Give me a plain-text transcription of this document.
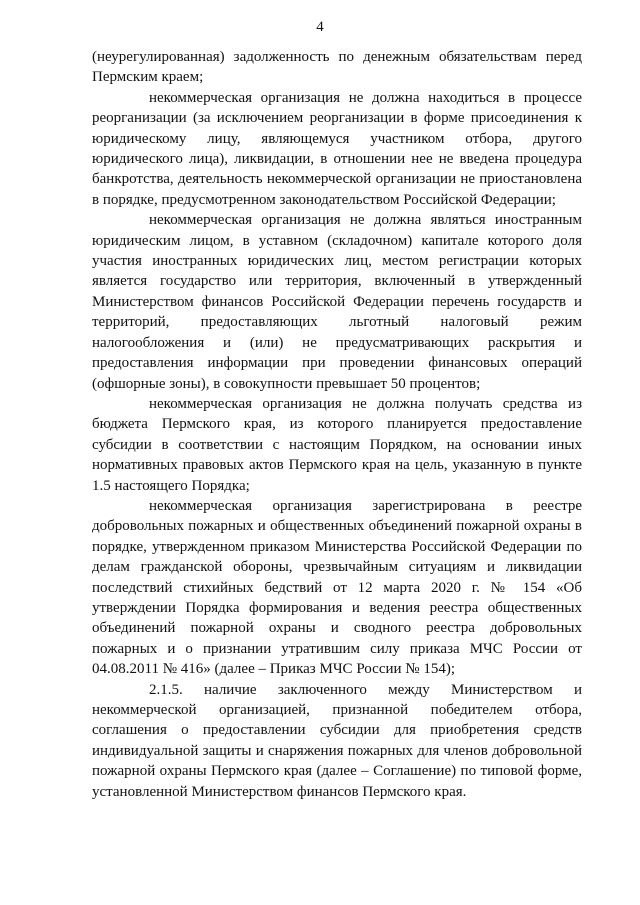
4

(неурегулированная) задолженность по денежным обязательствам перед Пермским краем;

некоммерческая организация не должна находиться в процессе реорганизации (за исключением реорганизации в форме присоединения к юридическому лицу, являющемуся участником отбора, другого юридического лица), ликвидации, в отношении нее не введена процедура банкротства, деятельность некоммерческой организации не приостановлена в порядке, предусмотренном законодательством Российской Федерации;

некоммерческая организация не должна являться иностранным юридическим лицом, в уставном (складочном) капитале которого доля участия иностранных юридических лиц, местом регистрации которых является государство или территория, включенный в утвержденный Министерством финансов Российской Федерации перечень государств и территорий, предоставляющих льготный налоговый режим налогообложения и (или) не предусматривающих раскрытия и предоставления информации при проведении финансовых операций (офшорные зоны), в совокупности превышает 50 процентов;

некоммерческая организация не должна получать средства из бюджета Пермского края, из которого планируется предоставление субсидии в соответствии с настоящим Порядком, на основании иных нормативных правовых актов Пермского края на цель, указанную в пункте 1.5 настоящего Порядка;

некоммерческая организация зарегистрирована в реестре добровольных пожарных и общественных объединений пожарной охраны в порядке, утвержденном приказом Министерства Российской Федерации по делам гражданской обороны, чрезвычайным ситуациям и ликвидации последствий стихийных бедствий от 12 марта 2020 г. № 154 «Об утверждении Порядка формирования и ведения реестра общественных объединений пожарной охраны и сводного реестра добровольных пожарных и о признании утратившим силу приказа МЧС России от 04.08.2011 № 416» (далее – Приказ МЧС России № 154);

2.1.5. наличие заключенного между Министерством и некоммерческой организацией, признанной победителем отбора, соглашения о предоставлении субсидии для приобретения средств индивидуальной защиты и снаряжения пожарных для членов добровольной пожарной охраны Пермского края (далее – Соглашение) по типовой форме, установленной Министерством финансов Пермского края.
